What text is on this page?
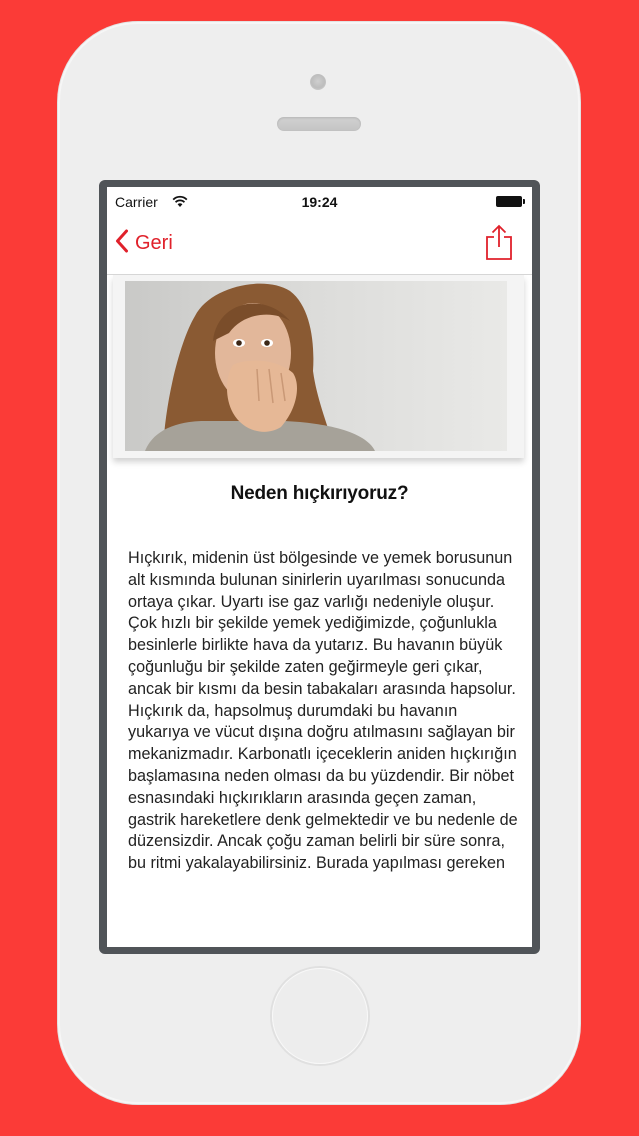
Carrier	19:24
Geri
Neden hıçkırıyoruz?

Hıçkırık, midenin üst bölgesinde ve yemek borusunun alt kısmında bulunan sinirlerin uyarılması sonucunda ortaya çıkar. Uyartı ise gaz varlığı nedeniyle oluşur. Çok hızlı bir şekilde yemek yediğimizde, çoğunlukla besinlerle birlikte hava da yutarız. Bu havanın büyük çoğunluğu bir şekilde zaten geğirmeyle geri çıkar, ancak bir kısmı da besin tabakaları arasında hapsolur. Hıçkırık da, hapsolmuş durumdaki bu havanın yukarıya ve vücut dışına doğru atılmasını sağlayan bir mekanizmadır. Karbonatlı içeceklerin aniden hıçkırığın başlamasına neden olması da bu yüzdendir. Bir nöbet esnasındaki hıçkırıkların arasında geçen zaman, gastrik hareketlere denk gelmektedir ve bu nedenle de düzensizdir. Ancak çoğu zaman belirli bir süre sonra, bu ritmi yakalayabilirsiniz. Burada yapılması gereken
